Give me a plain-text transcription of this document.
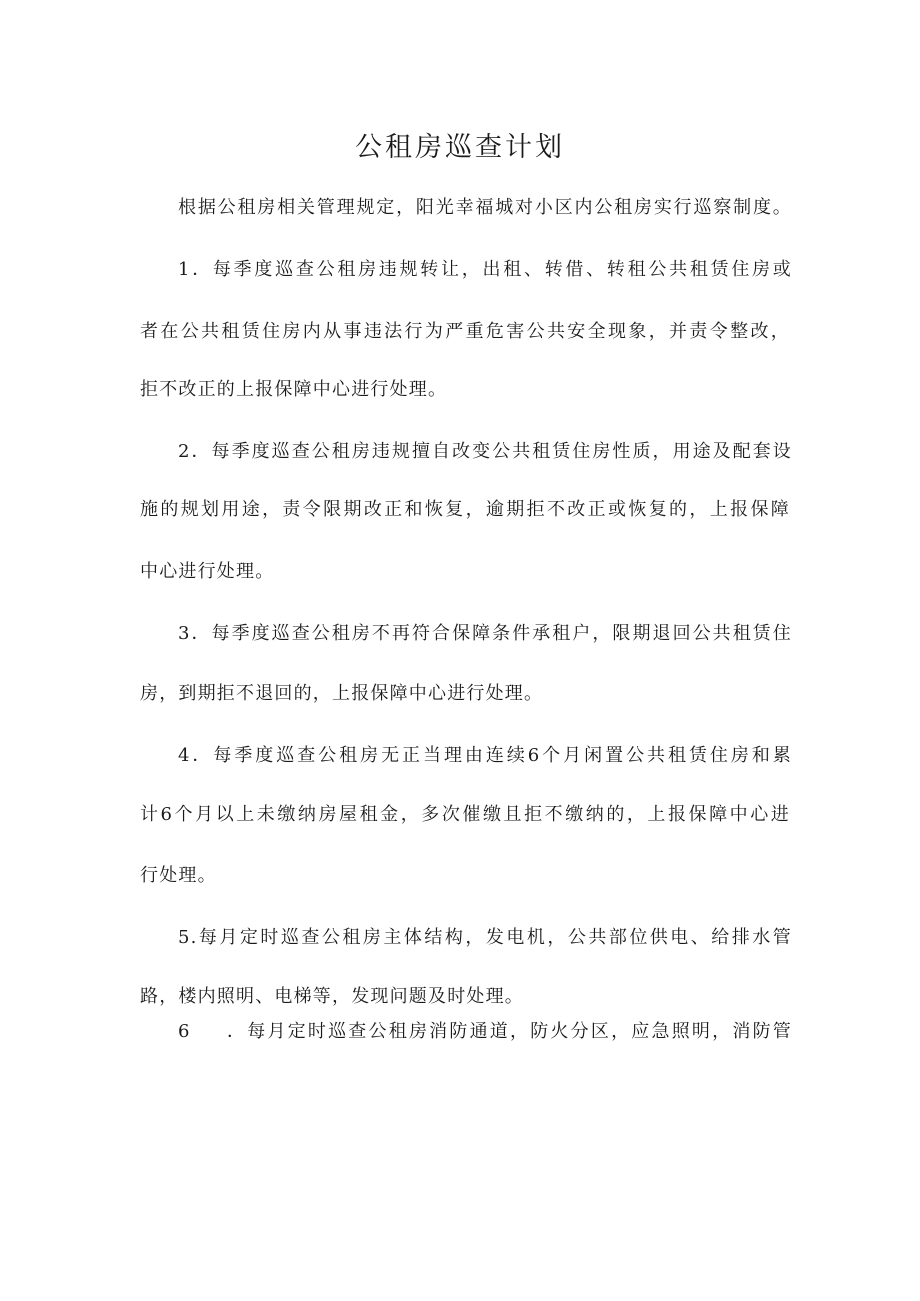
公租房巡查计划
根据公租房相关管理规定，阳光幸福城对小区内公租房实行巡察制度。
1．每季度巡查公租房违规转让，出租、转借、转租公共租赁住房或
者在公共租赁住房内从事违法行为严重危害公共安全现象，并责令整改，
拒不改正的上报保障中心进行处理。
2．每季度巡查公租房违规擅自改变公共租赁住房性质，用途及配套设
施的规划用途，责令限期改正和恢复，逾期拒不改正或恢复的，上报保障
中心进行处理。
3．每季度巡查公租房不再符合保障条件承租户，限期退回公共租赁住
房，到期拒不退回的，上报保障中心进行处理。
4．每季度巡查公租房无正当理由连续6个月闲置公共租赁住房和累
计6个月以上未缴纳房屋租金，多次催缴且拒不缴纳的，上报保障中心进
行处理。
5.每月定时巡查公租房主体结构，发电机，公共部位供电、给排水管
路，楼内照明、电梯等，发现问题及时处理。
6 ．每月定时巡查公租房消防通道，防火分区，应急照明，消防管
